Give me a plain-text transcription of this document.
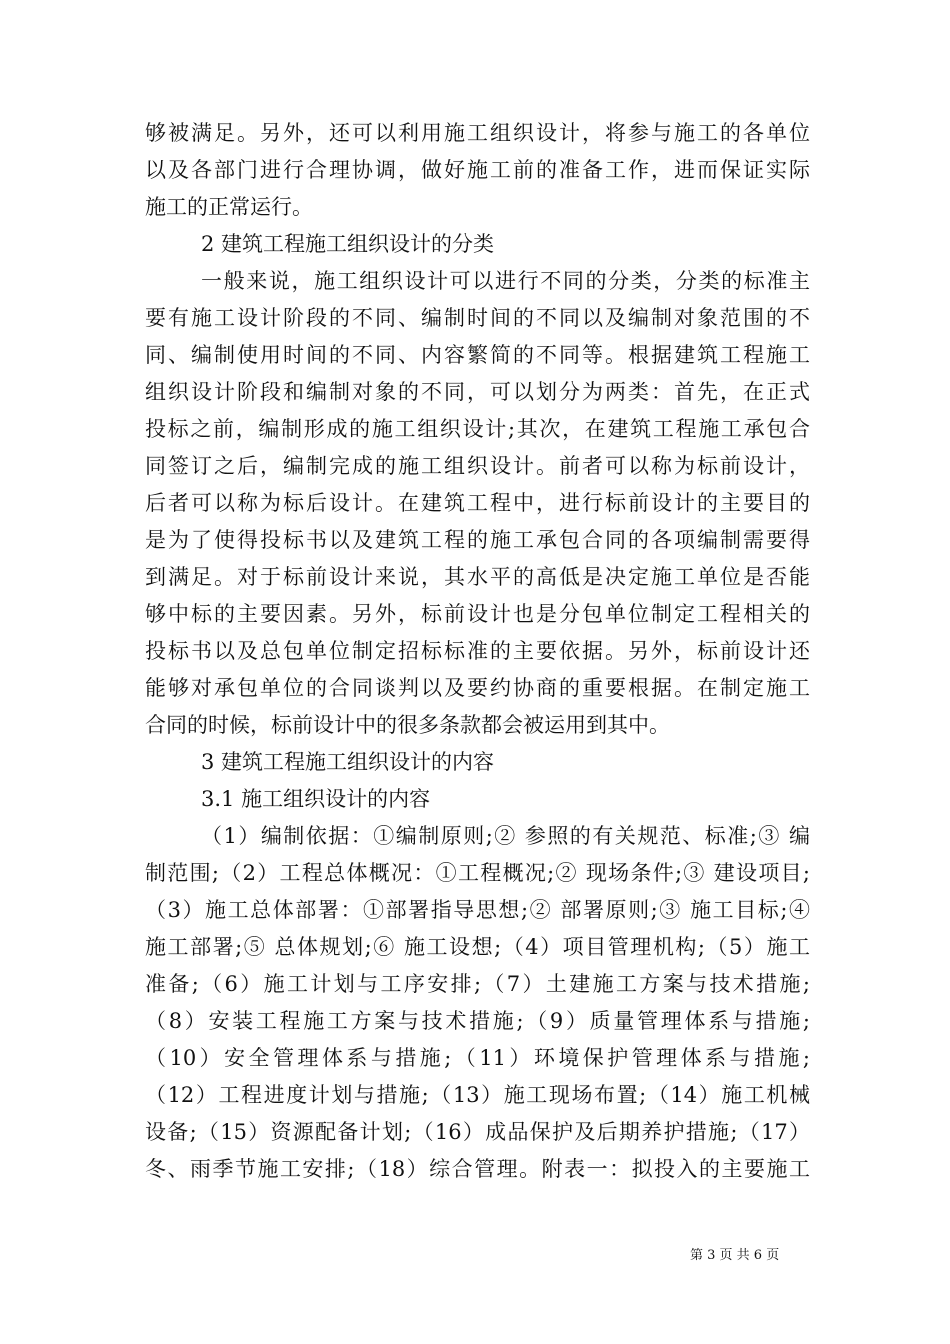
够被满足。另外，还可以利用施工组织设计，将参与施工的各单位
以及各部门进行合理协调，做好施工前的准备工作，进而保证实际
施工的正常运行。
2 建筑工程施工组织设计的分类
一般来说，施工组织设计可以进行不同的分类，分类的标准主
要有施工设计阶段的不同、编制时间的不同以及编制对象范围的不
同、编制使用时间的不同、内容繁简的不同等。根据建筑工程施工
组织设计阶段和编制对象的不同，可以划分为两类：首先，在正式
投标之前，编制形成的施工组织设计;其次，在建筑工程施工承包合
同签订之后，编制完成的施工组织设计。前者可以称为标前设计，
后者可以称为标后设计。在建筑工程中，进行标前设计的主要目的
是为了使得投标书以及建筑工程的施工承包合同的各项编制需要得
到满足。对于标前设计来说，其水平的高低是决定施工单位是否能
够中标的主要因素。另外，标前设计也是分包单位制定工程相关的
投标书以及总包单位制定招标标准的主要依据。另外，标前设计还
能够对承包单位的合同谈判以及要约协商的重要根据。在制定施工
合同的时候，标前设计中的很多条款都会被运用到其中。
3 建筑工程施工组织设计的内容
3.1 施工组织设计的内容
（1）编制依据：①编制原则;② 参照的有关规范、标准;③ 编
制范围;（2）工程总体概况：①工程概况;② 现场条件;③ 建设项目;
（3）施工总体部署：①部署指导思想;② 部署原则;③ 施工目标;④
施工部署;⑤ 总体规划;⑥ 施工设想;（4）项目管理机构;（5）施工
准备;（6）施工计划与工序安排;（7）土建施工方案与技术措施;
（8）安装工程施工方案与技术措施;（9）质量管理体系与措施;
（10）安全管理体系与措施;（11）环境保护管理体系与措施;
（12）工程进度计划与措施;（13）施工现场布置;（14）施工机械
设备;（15）资源配备计划;（16）成品保护及后期养护措施;（17）
冬、雨季节施工安排;（18）综合管理。附表一：拟投入的主要施工
第 3 页 共 6 页
